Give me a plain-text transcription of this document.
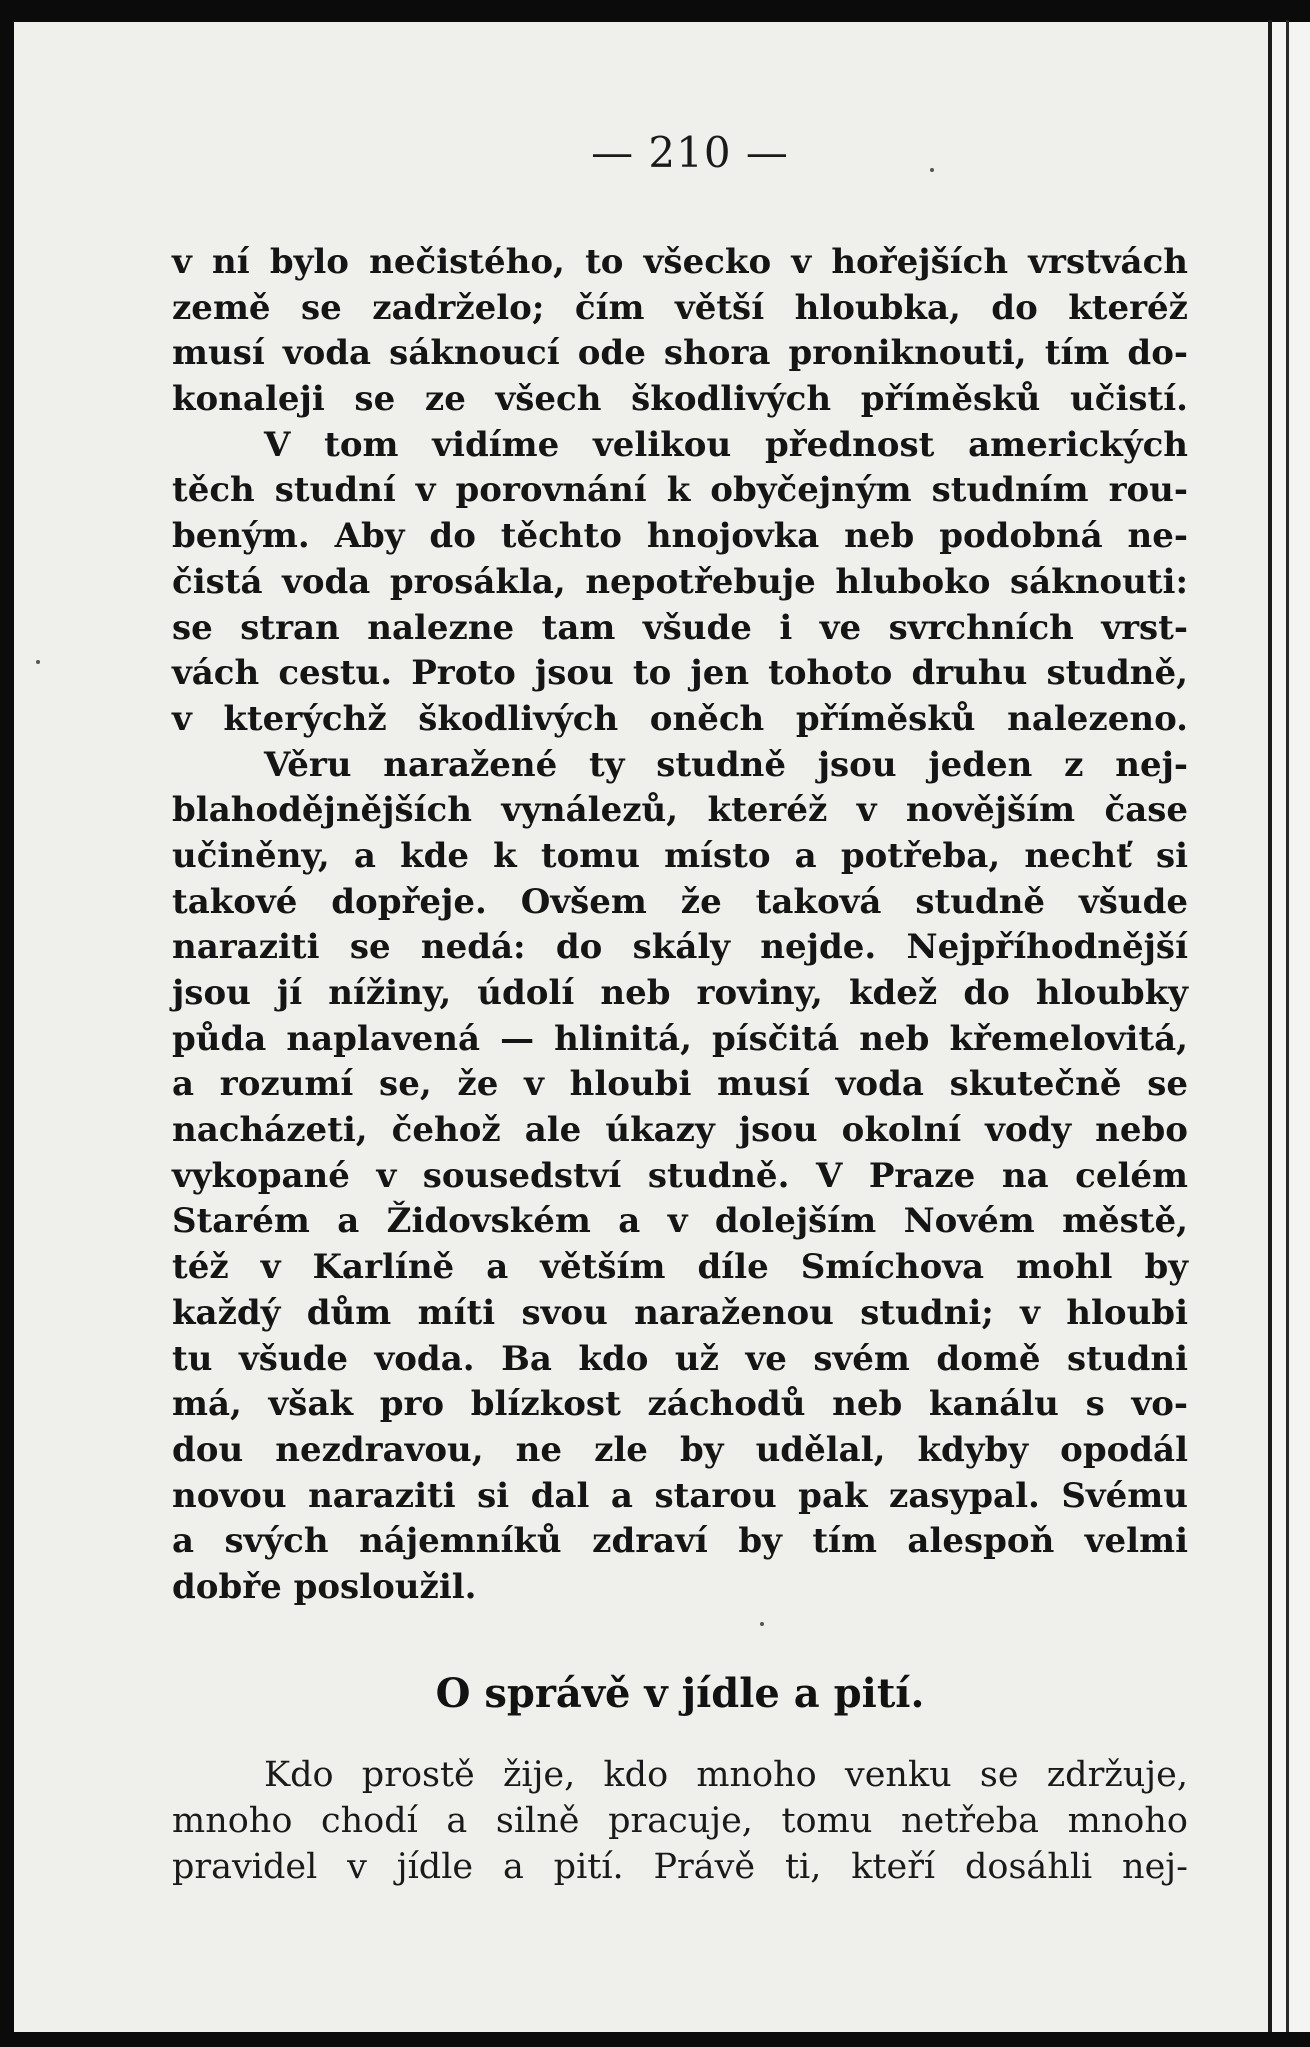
— 210 —
v ní bylo nečistého, to všecko v hořejších vrstvách
země se zadrželo; čím větší hloubka, do kteréž
musí voda sáknoucí ode shora proniknouti, tím do-
konaleji se ze všech škodlivých příměsků učistí.
V tom vidíme velikou přednost amerických
těch studní v porovnání k obyčejným studním rou-
beným. Aby do těchto hnojovka neb podobná ne-
čistá voda prosákla, nepotřebuje hluboko sáknouti:
se stran nalezne tam všude i ve svrchních vrst-
vách cestu. Proto jsou to jen tohoto druhu studně,
v kterýchž škodlivých oněch příměsků nalezeno.
Věru naražené ty studně jsou jeden z nej-
blahodějnějších vynálezů, kteréž v novějším čase
učiněny, a kde k tomu místo a potřeba, nechť si
takové dopřeje. Ovšem že taková studně všude
naraziti se nedá: do skály nejde. Nejpříhodnější
jsou jí nížiny, údolí neb roviny, kdež do hloubky
půda naplavená — hlinitá, písčitá neb křemelovitá,
a rozumí se, že v hloubi musí voda skutečně se
nacházeti, čehož ale úkazy jsou okolní vody nebo
vykopané v sousedství studně. V Praze na celém
Starém a Židovském a v dolejším Novém městě,
též v Karlíně a větším díle Smíchova mohl by
každý dům míti svou naraženou studni; v hloubi
tu všude voda. Ba kdo už ve svém domě studni
má, však pro blízkost záchodů neb kanálu s vo-
dou nezdravou, ne zle by udělal, kdyby opodál
novou naraziti si dal a starou pak zasypal. Svému
a svých nájemníků zdraví by tím alespoň velmi
dobře posloužil.
O správě v jídle a pití.
Kdo prostě žije, kdo mnoho venku se zdržuje,
mnoho chodí a silně pracuje, tomu netřeba mnoho
pravidel v jídle a pití. Právě ti, kteří dosáhli nej-
